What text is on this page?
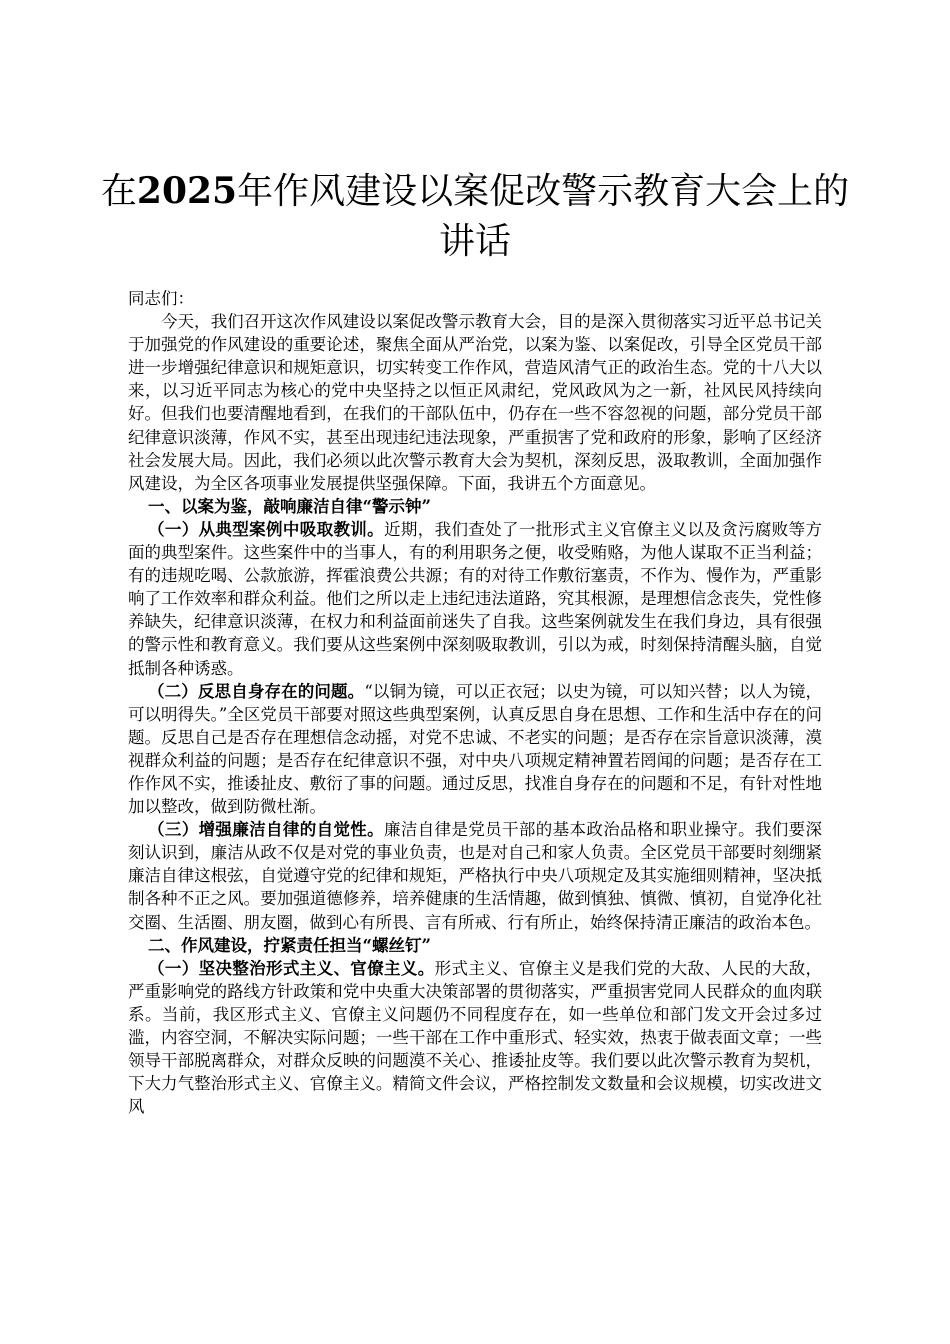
在2025年作风建设以案促改警示教育大会上的讲话

同志们：

今天，我们召开这次作风建设以案促改警示教育大会，目的是深入贯彻落实习近平总书记关于加强党的作风建设的重要论述，聚焦全面从严治党，以案为鉴、以案促改，引导全区党员干部进一步增强纪律意识和规矩意识，切实转变工作作风，营造风清气正的政治生态。党的十八大以来，以习近平同志为核心的党中央坚持之以恒正风肃纪，党风政风为之一新，社风民风持续向好。但我们也要清醒地看到，在我们的干部队伍中，仍存在一些不容忽视的问题，部分党员干部纪律意识淡薄，作风不实，甚至出现违纪违法现象，严重损害了党和政府的形象，影响了区经济社会发展大局。因此，我们必须以此次警示教育大会为契机，深刻反思，汲取教训，全面加强作风建设，为全区各项事业发展提供坚强保障。下面，我讲五个方面意见。

一、以案为鉴，敲响廉洁自律“警示钟”

（一）从典型案例中吸取教训。近期，我们查处了一批形式主义官僚主义以及贪污腐败等方面的典型案件。这些案件中的当事人，有的利用职务之便，收受贿赂，为他人谋取不正当利益；有的违规吃喝、公款旅游，挥霍浪费公共源；有的对待工作敷衍塞责，不作为、慢作为，严重影响了工作效率和群众利益。他们之所以走上违纪违法道路，究其根源，是理想信念丧失，党性修养缺失，纪律意识淡薄，在权力和利益面前迷失了自我。这些案例就发生在我们身边，具有很强的警示性和教育意义。我们要从这些案例中深刻吸取教训，引以为戒，时刻保持清醒头脑，自觉抵制各种诱惑。

（二）反思自身存在的问题。“以铜为镜，可以正衣冠；以史为镜，可以知兴替；以人为镜，可以明得失。”全区党员干部要对照这些典型案例，认真反思自身在思想、工作和生活中存在的问题。反思自己是否存在理想信念动摇，对党不忠诚、不老实的问题；是否存在宗旨意识淡薄，漠视群众利益的问题；是否存在纪律意识不强，对中央八项规定精神置若罔闻的问题；是否存在工作作风不实，推诿扯皮、敷衍了事的问题。通过反思，找准自身存在的问题和不足，有针对性地加以整改，做到防微杜渐。

（三）增强廉洁自律的自觉性。廉洁自律是党员干部的基本政治品格和职业操守。我们要深刻认识到，廉洁从政不仅是对党的事业负责，也是对自己和家人负责。全区党员干部要时刻绷紧廉洁自律这根弦，自觉遵守党的纪律和规矩，严格执行中央八项规定及其实施细则精神，坚决抵制各种不正之风。要加强道德修养，培养健康的生活情趣，做到慎独、慎微、慎初，自觉净化社交圈、生活圈、朋友圈，做到心有所畏、言有所戒、行有所止，始终保持清正廉洁的政治本色。

二、作风建设，拧紧责任担当“螺丝钉”

（一）坚决整治形式主义、官僚主义。形式主义、官僚主义是我们党的大敌、人民的大敌，严重影响党的路线方针政策和党中央重大决策部署的贯彻落实，严重损害党同人民群众的血肉联系。当前，我区形式主义、官僚主义问题仍不同程度存在，如一些单位和部门发文开会过多过滥，内容空洞，不解决实际问题；一些干部在工作中重形式、轻实效，热衷于做表面文章；一些领导干部脱离群众，对群众反映的问题漠不关心、推诿扯皮等。我们要以此次警示教育为契机，下大力气整治形式主义、官僚主义。精简文件会议，严格控制发文数量和会议规模，切实改进文风
